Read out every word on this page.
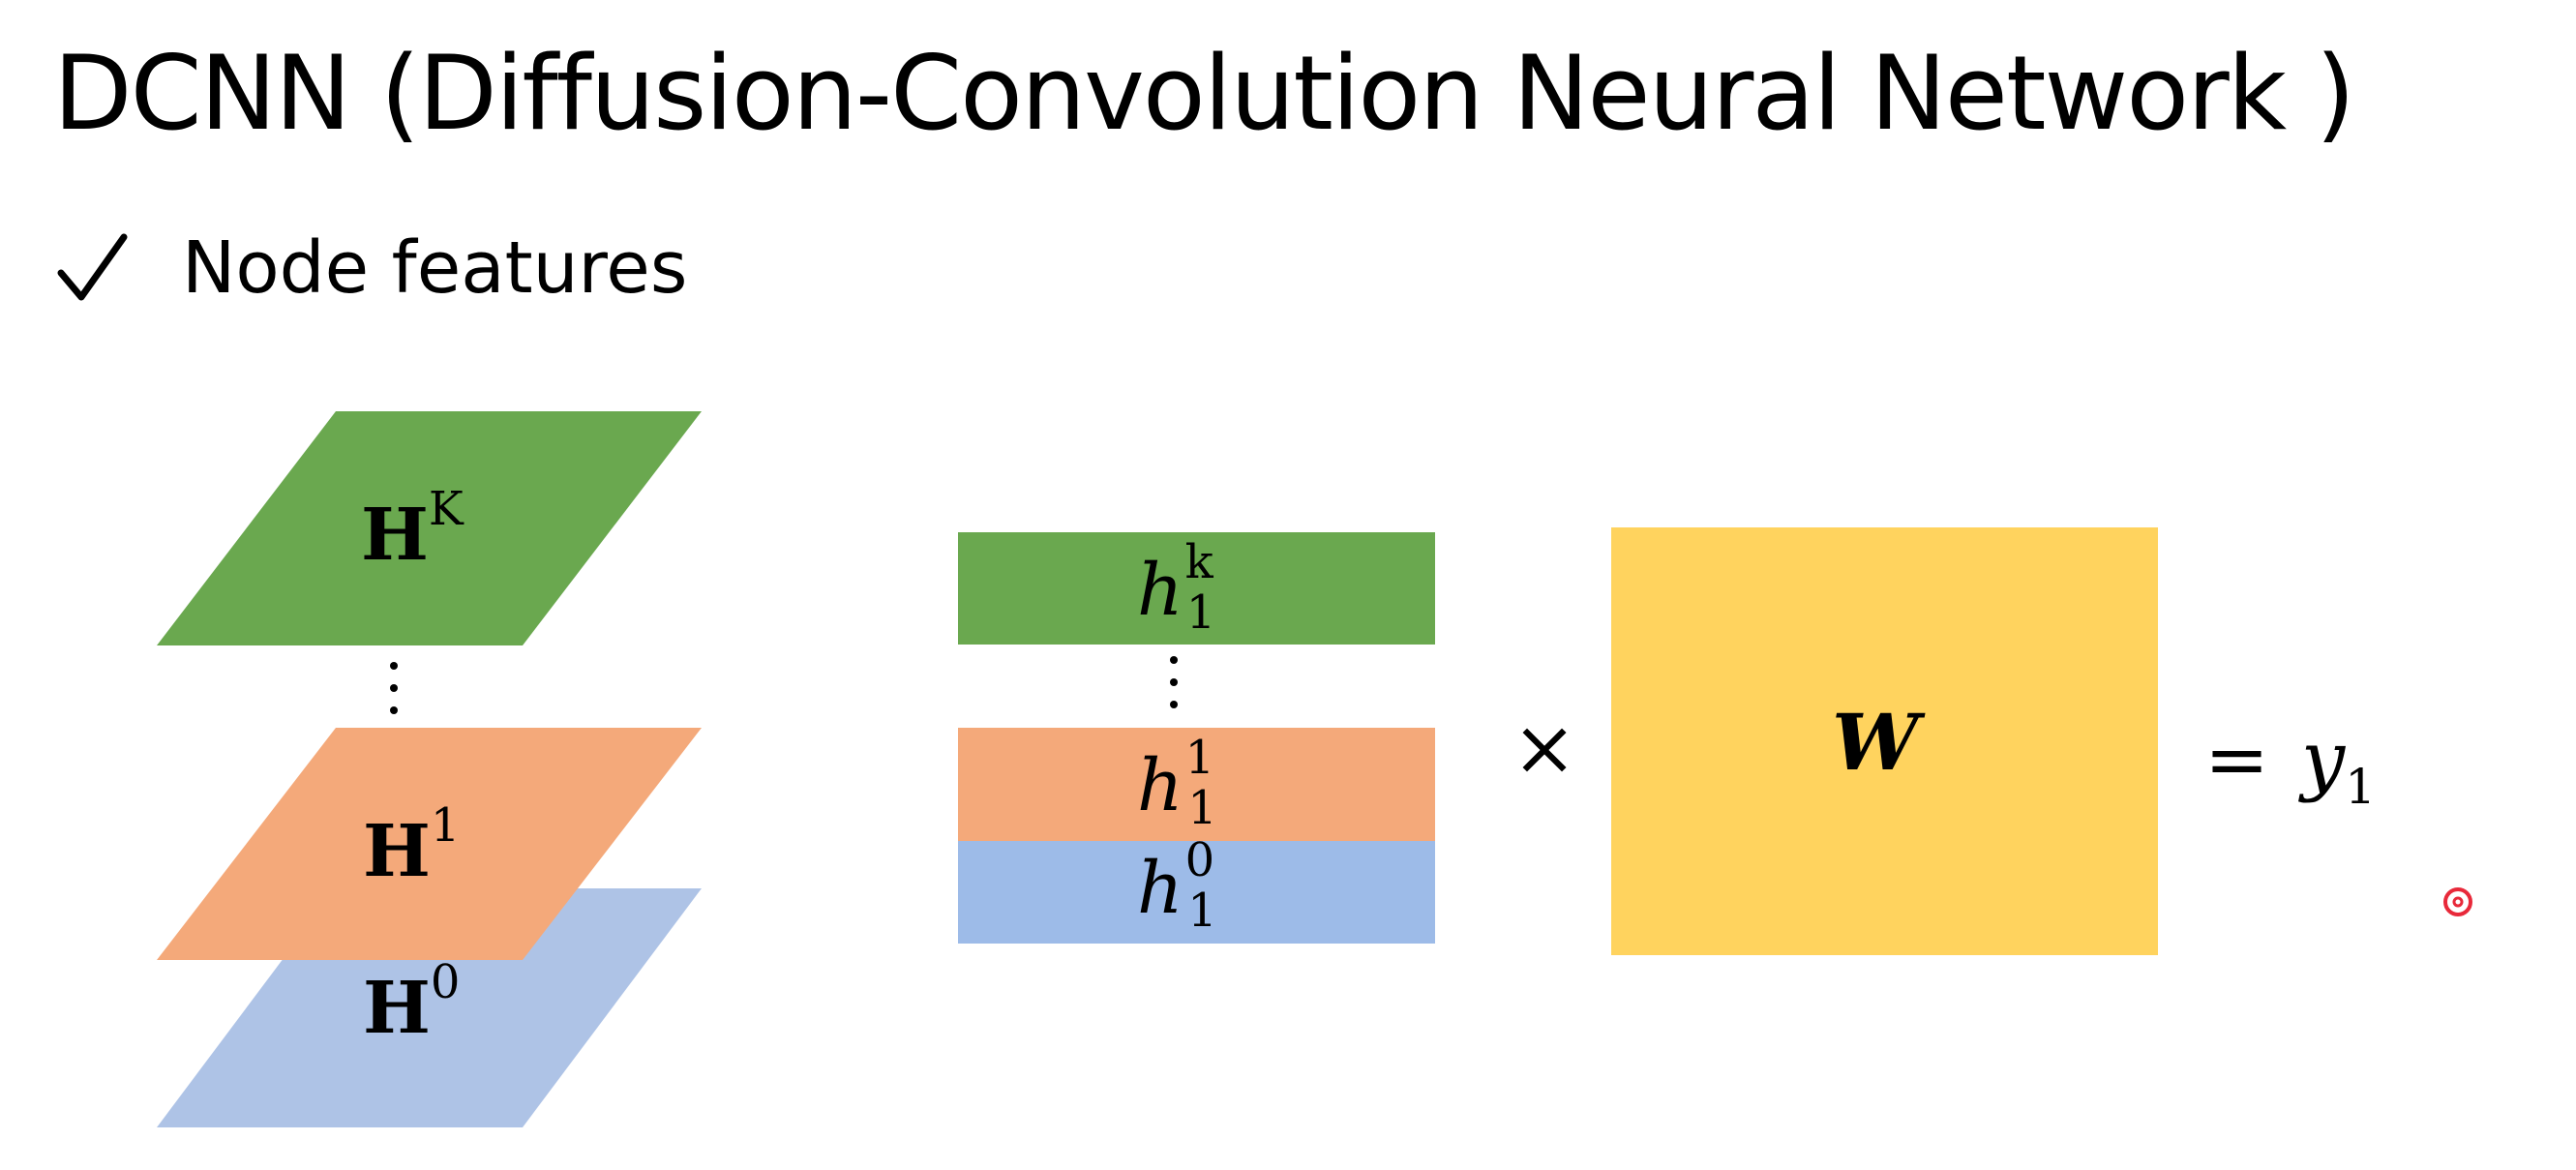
DCNN (Diffusion-Convolution Neural Network )
Node features
HK
H1
H0
hk 1
h1 1
h0 1
×	W	= y1
